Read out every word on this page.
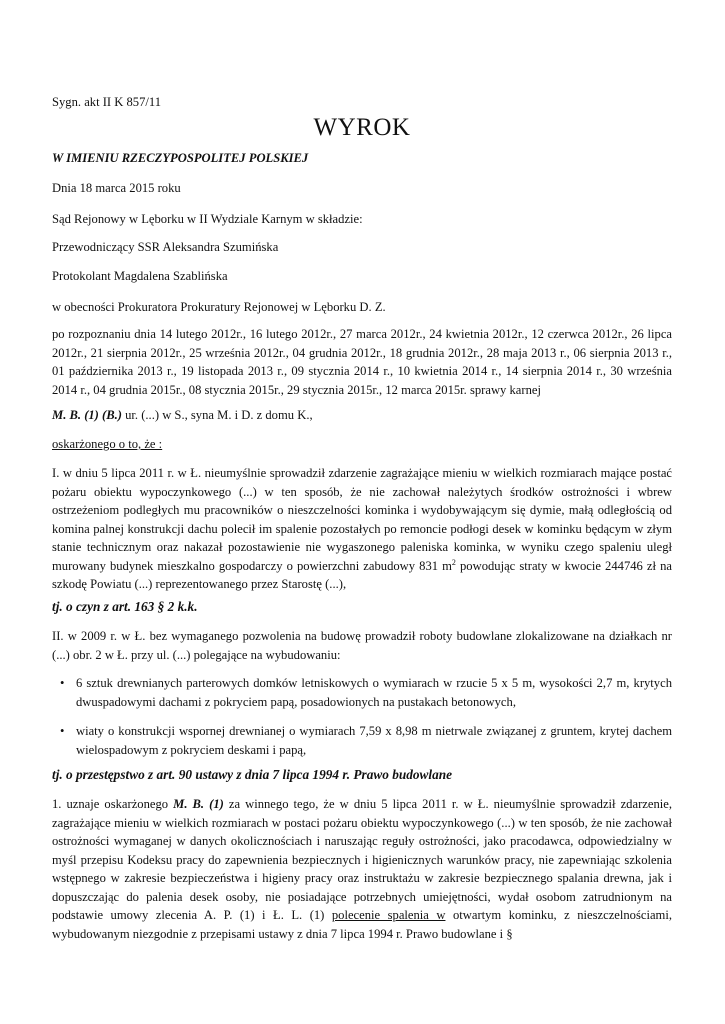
Sygn. akt II K 857/11
WYROK
W IMIENIU RZECZYPOSPOLITEJ POLSKIEJ
Dnia 18 marca 2015 roku
Sąd Rejonowy w Lęborku w II Wydziale Karnym w składzie:
Przewodniczący SSR Aleksandra Szumińska
Protokolant Magdalena Szablińska
w obecności Prokuratora Prokuratury Rejonowej w Lęborku D. Z.
po rozpoznaniu dnia 14 lutego 2012r., 16 lutego 2012r., 27 marca 2012r., 24 kwietnia 2012r., 12 czerwca 2012r., 26 lipca 2012r., 21 sierpnia 2012r., 25 września 2012r., 04 grudnia 2012r., 18 grudnia 2012r., 28 maja 2013 r., 06 sierpnia 2013 r., 01 października 2013 r., 19 listopada 2013 r., 09 stycznia 2014 r., 10 kwietnia 2014 r., 14 sierpnia 2014 r., 30 września 2014 r., 04 grudnia 2015r., 08 stycznia 2015r., 29 stycznia 2015r., 12 marca 2015r. sprawy karnej
M. B. (1) (B.) ur. (...) w S., syna M. i D. z domu K.,
oskarżonego o to, że :
I. w dniu 5 lipca 2011 r. w Ł. nieumyślnie sprowadził zdarzenie zagrażające mieniu w wielkich rozmiarach mające postać pożaru obiektu wypoczynkowego (...) w ten sposób, że nie zachował należytych środków ostrożności i wbrew ostrzeżeniom podległych mu pracowników o nieszczelności kominka i wydobywającym się dymie, małą odległością od komina palnej konstrukcji dachu polecił im spalenie pozostałych po remoncie podłogi desek w kominku będącym w złym stanie technicznym oraz nakazał pozostawienie nie wygaszonego paleniska kominka, w wyniku czego spaleniu uległ murowany budynek mieszkalno gospodarczy o powierzchni zabudowy 831 $m^2$ powodując straty w kwocie 244746 zł na szkodę Powiatu (...) reprezentowanego przez Starostę (...),
tj. o czyn z art. 163 § 2 k.k.
II. w 2009 r. w Ł. bez wymaganego pozwolenia na budowę prowadził roboty budowlane zlokalizowane na działkach nr (...) obr. 2 w Ł. przy ul. (...) polegające na wybudowaniu:
• 6 sztuk drewnianych parterowych domków letniskowych o wymiarach w rzucie 5 x 5 m, wysokości 2,7 m, krytych dwuspadowymi dachami z pokryciem papą, posadowionych na pustakach betonowych,
• wiaty o konstrukcji wspornej drewnianej o wymiarach 7,59 x 8,98 m nietrwale związanej z gruntem, krytej dachem wielospadowym z pokryciem deskami i papą,
tj. o przestępstwo z art. 90 ustawy z dnia 7 lipca 1994 r. Prawo budowlane
1. uznaje oskarżonego M. B. (1) za winnego tego, że w dniu 5 lipca 2011 r. w Ł. nieumyślnie sprowadził zdarzenie, zagrażające mieniu w wielkich rozmiarach w postaci pożaru obiektu wypoczynkowego (...) w ten sposób, że nie zachował ostrożności wymaganej w danych okolicznościach i naruszając reguły ostrożności, jako pracodawca, odpowiedzialny w myśl przepisu Kodeksu pracy do zapewnienia bezpiecznych i higienicznych warunków pracy, nie zapewniając szkolenia wstępnego w zakresie bezpieczeństwa i higieny pracy oraz instruktażu w zakresie bezpiecznego spalania drewna, jak i dopuszczając do palenia desek osoby, nie posiadające potrzebnych umiejętności, wydał osobom zatrudnionym na podstawie umowy zlecenia A. P. (1) i Ł. L. (1) polecenie spalenia w otwartym kominku, z nieszczelnościami, wybudowanym niezgodnie z przepisami ustawy z dnia 7 lipca 1994 r. Prawo budowlane i §
